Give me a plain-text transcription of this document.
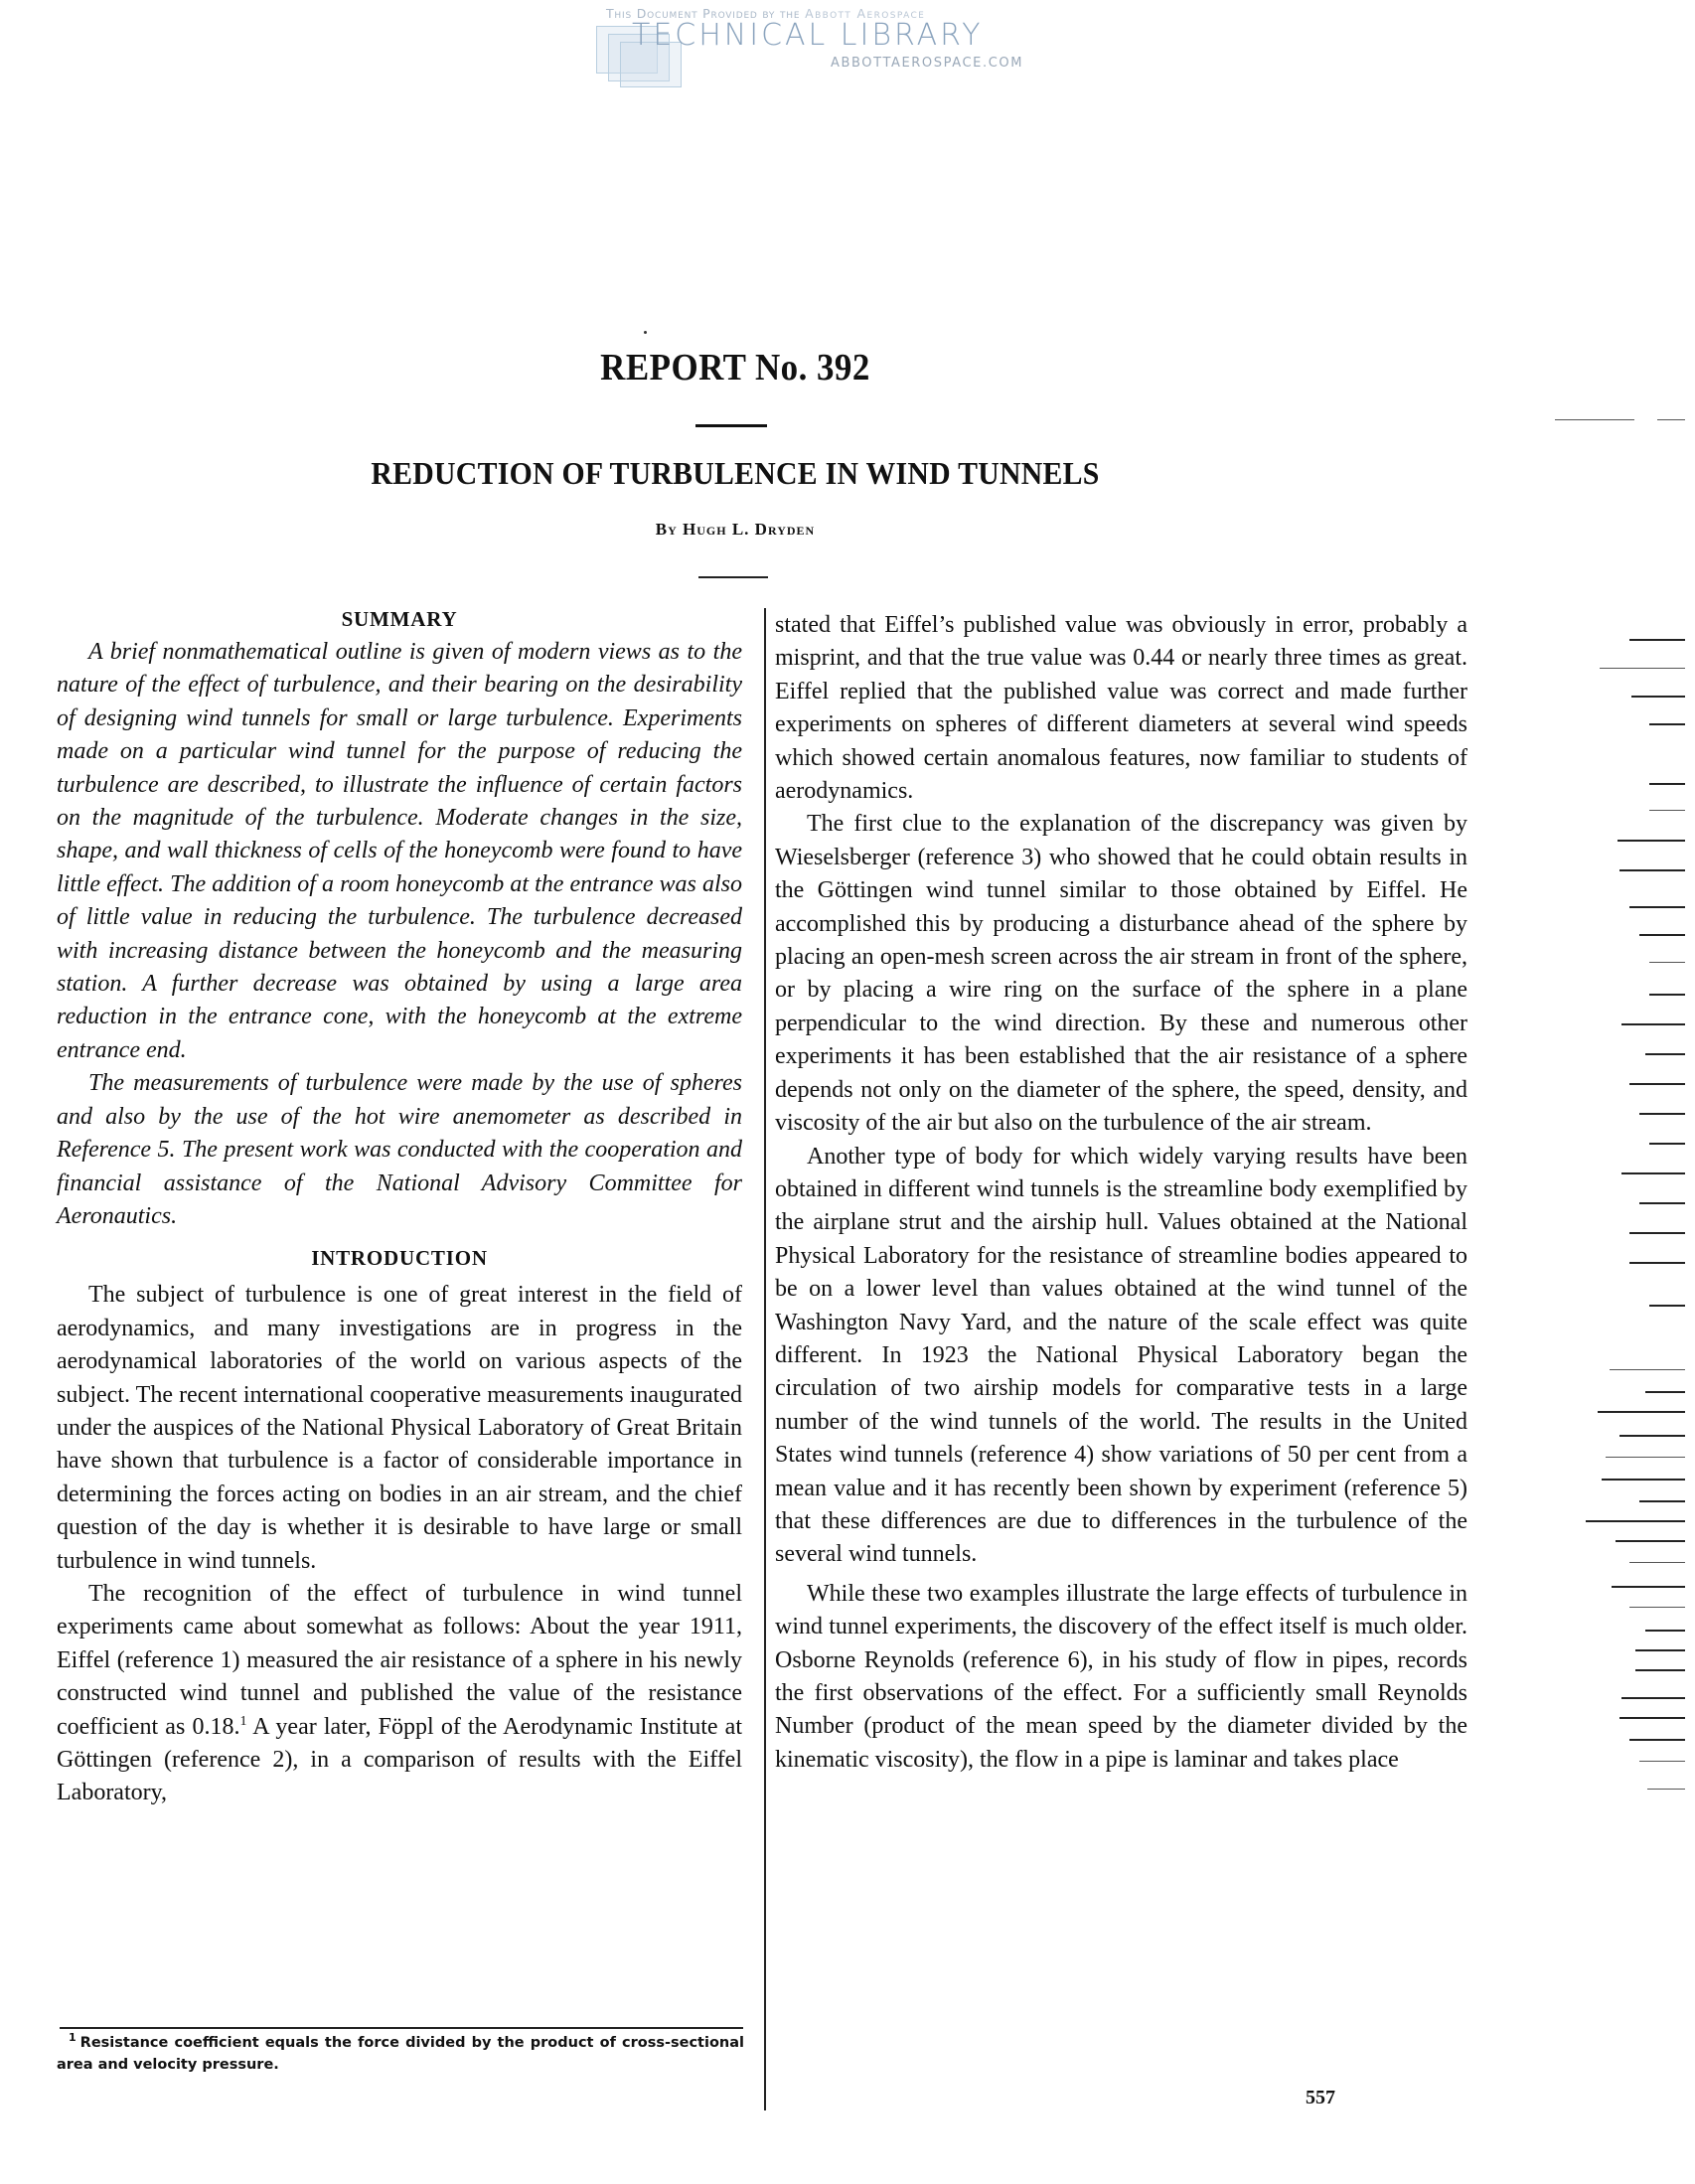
This Document Provided by the Abbott Aerospace
TECHNICAL LIBRARY
ABBOTTAEROSPACE.COM
REPORT No. 392
REDUCTION OF TURBULENCE IN WIND TUNNELS
By Hugh L. Dryden
SUMMARY

A brief nonmathematical outline is given of modern views as to the nature of the effect of turbulence, and their bearing on the desirability of designing wind tunnels for small or large turbulence. Experiments made on a particular wind tunnel for the purpose of reducing the turbulence are described, to illustrate the influence of certain factors on the magnitude of the turbulence. Moderate changes in the size, shape, and wall thickness of cells of the honeycomb were found to have little effect. The addition of a room honeycomb at the entrance was also of little value in reducing the turbulence. The turbulence decreased with increasing distance between the honeycomb and the measuring station. A further decrease was obtained by using a large area reduction in the entrance cone, with the honeycomb at the extreme entrance end.

The measurements of turbulence were made by the use of spheres and also by the use of the hot wire anemometer as described in Reference 5. The present work was conducted with the cooperation and financial assistance of the National Advisory Committee for Aeronautics.

INTRODUCTION

The subject of turbulence is one of great interest in the field of aerodynamics, and many investigations are in progress in the aerodynamical laboratories of the world on various aspects of the subject. The recent international cooperative measurements inaugurated under the auspices of the National Physical Laboratory of Great Britain have shown that turbulence is a factor of considerable importance in determining the forces acting on bodies in an air stream, and the chief question of the day is whether it is desirable to have large or small turbulence in wind tunnels.

The recognition of the effect of turbulence in wind tunnel experiments came about somewhat as follows: About the year 1911, Eiffel (reference 1) measured the air resistance of a sphere in his newly constructed wind tunnel and published the value of the resistance coefficient as 0.18.$^1$ A year later, Föppl of the Aerodynamic Institute at Göttingen (reference 2), in a comparison of results with the Eiffel Laboratory,

$^1$ Resistance coefficient equals the force divided by the product of cross-sectional area and velocity pressure.

stated that Eiffel’s published value was obviously in error, probably a misprint, and that the true value was 0.44 or nearly three times as great. Eiffel replied that the published value was correct and made further experiments on spheres of different diameters at several wind speeds which showed certain anomalous features, now familiar to students of aerodynamics.

The first clue to the explanation of the discrepancy was given by Wieselsberger (reference 3) who showed that he could obtain results in the Göttingen wind tunnel similar to those obtained by Eiffel. He accomplished this by producing a disturbance ahead of the sphere by placing an open-mesh screen across the air stream in front of the sphere, or by placing a wire ring on the surface of the sphere in a plane perpendicular to the wind direction. By these and numerous other experiments it has been established that the air resistance of a sphere depends not only on the diameter of the sphere, the speed, density, and viscosity of the air but also on the turbulence of the air stream.

Another type of body for which widely varying results have been obtained in different wind tunnels is the streamline body exemplified by the airplane strut and the airship hull. Values obtained at the National Physical Laboratory for the resistance of streamline bodies appeared to be on a lower level than values obtained at the wind tunnel of the Washington Navy Yard, and the nature of the scale effect was quite different. In 1923 the National Physical Laboratory began the circulation of two airship models for comparative tests in a large number of the wind tunnels of the world. The results in the United States wind tunnels (reference 4) show variations of 50 per cent from a mean value and it has recently been shown by experiment (reference 5) that these differences are due to differences in the turbulence of the several wind tunnels.

While these two examples illustrate the large effects of turbulence in wind tunnel experiments, the discovery of the effect itself is much older. Osborne Reynolds (reference 6), in his study of flow in pipes, records the first observations of the effect. For a sufficiently small Reynolds Number (product of the mean speed by the diameter divided by the kinematic viscosity), the flow in a pipe is laminar and takes place

557
